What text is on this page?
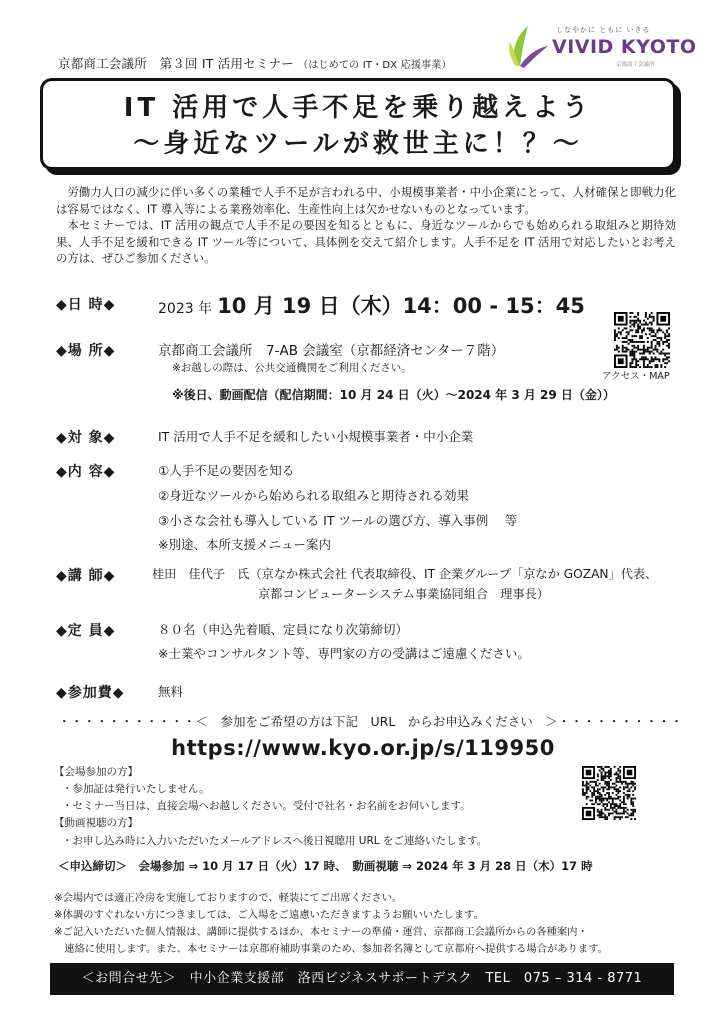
京都商工会議所　第３回 IT 活用セミナー （はじめての IT・DX 応援事業）
しなやかに ともに いきる
VIVID KYOTO
京都商工会議所
IT 活用で人手不足を乗り越えよう
～身近なツールが救世主に！？～

労働力人口の減少に伴い多くの業種で人手不足が言われる中、小規模事業者・中小企業にとって、人材確保と即戦力化は容易ではなく、IT 導入等による業務効率化、生産性向上は欠かせないものとなっています。

本セミナーでは、IT 活用の観点で人手不足の要因を知るとともに、身近なツールからでも始められる取組みと期待効果、人手不足を緩和できる IT ツール等について、具体例を交えて紹介します。人手不足を IT 活用で対応したいとお考えの方は、ぜひご参加ください。

◆日 時◆	2023 年 10 月 19 日（木）14：00 - 15：45
◆場 所◆	京都商工会議所　7-AB 会議室（京都経済センター７階）
※お越しの際は、公共交通機関をご利用ください。
※後日、動画配信（配信期間：10 月 24 日（火）～2024 年 3 月 29 日（金））
アクセス・MAP
◆対 象◆	IT 活用で人手不足を緩和したい小規模事業者・中小企業
◆内 容◆	①人手不足の要因を知る
②身近なツールから始められる取組みと期待される効果
③小さな会社も導入している IT ツールの選び方、導入事例　 等
※別途、本所支援メニュー案内
◆講 師◆	桂田　佳代子　氏（京なか株式会社 代表取締役、IT 企業グループ「京なか GOZAN」代表、
京都コンピューターシステム事業協同組合　理事長）
◆定 員◆	８０名（申込先着順、定員になり次第締切）
※士業やコンサルタント等、専門家の方の受講はご遠慮ください。
◆参加費◆	無料
・・・・・・・・・・・＜　参加をご希望の方は下記　URL　からお申込みください　＞・・・・・・・・・・
https://www.kyo.or.jp/s/119950
【会場参加の方】
・参加証は発行いたしません。
・セミナー当日は、直接会場へお越しください。受付で社名・お名前をお伺いします。
【動画視聴の方】
・お申し込み時に入力いただいたメールアドレスへ後日視聴用 URL をご連絡いたします。
＜申込締切＞　会場参加 ⇒ 10 月 17 日（火）17 時、　動画視聴 ⇒ 2024 年 3 月 28 日（木）17 時
※会場内では適正冷房を実施しておりますので、軽装にてご出席ください。
※体調のすぐれない方につきましては、ご入場をご遠慮いただきますようお願いいたします。
※ご記入いただいた個人情報は、講師に提供するほか、本セミナーの準備・運営、京都商工会議所からの各種案内・
　連絡に使用します。また、本セミナーは京都府補助事業のため、参加者名簿として京都府へ提供する場合があります。
＜お問合せ先＞　中小企業支援部　洛西ビジネスサポートデスク　TEL　075 – 314 - 8771
